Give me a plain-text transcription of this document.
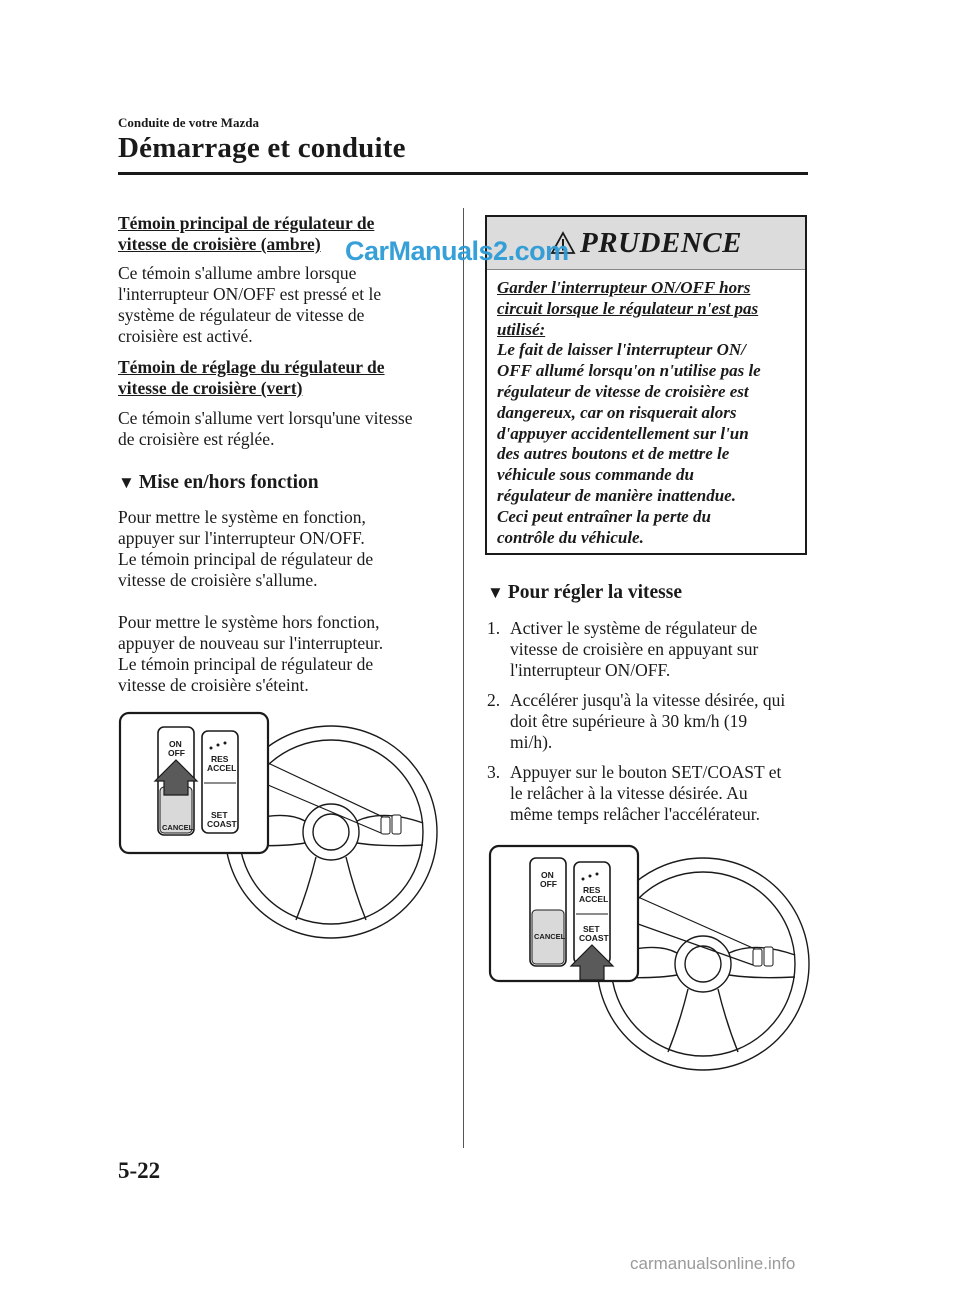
Conduite de votre Mazda
Démarrage et conduite

Témoin principal de régulateur de
vitesse de croisière (ambre)

Ce témoin s'allume ambre lorsque
l'interrupteur ON/OFF est pressé et le
système de régulateur de vitesse de
croisière est activé.

Témoin de réglage du régulateur de
vitesse de croisière (vert)

Ce témoin s'allume vert lorsqu'une vitesse
de croisière est réglée.

▼ Mise en/hors fonction

Pour mettre le système en fonction,
appuyer sur l'interrupteur ON/OFF.
Le témoin principal de régulateur de
vitesse de croisière s'allume.

Pour mettre le système hors fonction,
appuyer de nouveau sur l'interrupteur.
Le témoin principal de régulateur de
vitesse de croisière s'éteint.

ON
OFF
CANCEL
RES
ACCEL
SET
COAST
PRUDENCE

Garder l'interrupteur ON/OFF hors
circuit lorsque le régulateur n'est pas
utilisé:

Le fait de laisser l'interrupteur ON/
OFF allumé lorsqu'on n'utilise pas le
régulateur de vitesse de croisière est
dangereux, car on risquerait alors
d'appuyer accidentellement sur l'un
des autres boutons et de mettre le
véhicule sous commande du
régulateur de manière inattendue.
Ceci peut entraîner la perte du
contrôle du véhicule.

CarManuals2.com

▼ Pour régler la vitesse

1. Activer le système de régulateur de
vitesse de croisière en appuyant sur
l'interrupteur ON/OFF.
2. Accélérer jusqu'à la vitesse désirée, qui
doit être supérieure à 30 km/h (19
mi/h).
3. Appuyer sur le bouton SET/COAST et
le relâcher à la vitesse désirée. Au
même temps relâcher l'accélérateur.
ON
OFF
CANCEL
RES
ACCEL
SET
COAST
5-22
carmanualsonline.info
